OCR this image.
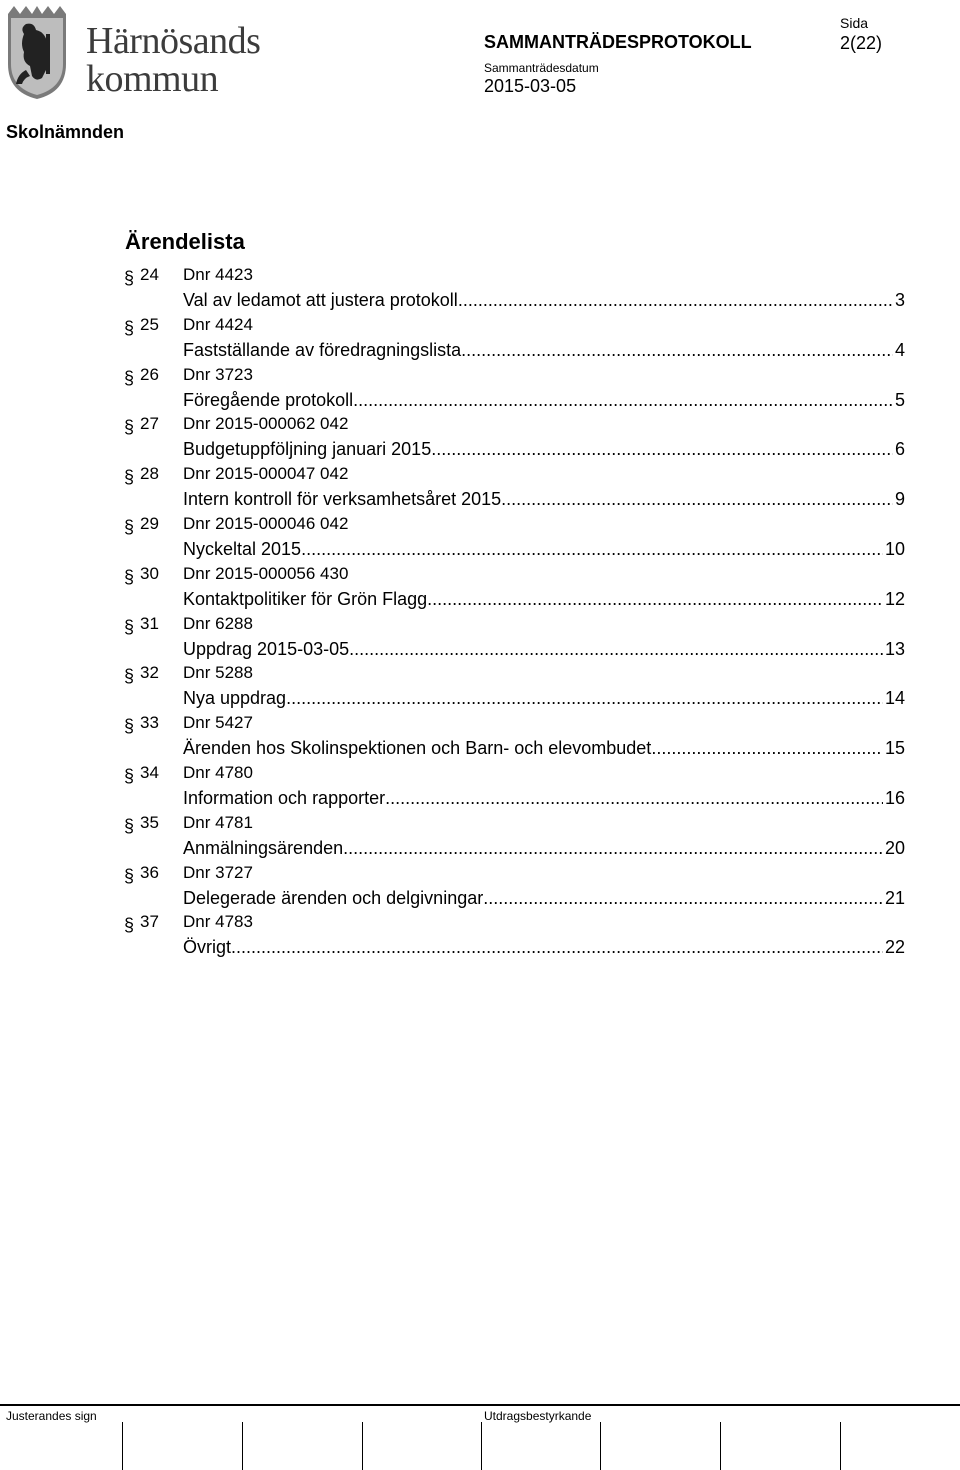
Härnösands
kommun
SAMMANTRÄDESPROTOKOLL
Sammanträdesdatum
2015-03-05
Sida
2(22)
Skolnämnden
Ärendelista
§ 24 Dnr 4423
Val av ledamot att justera protokoll .....	3
§ 25 Dnr 4424
Fastställande av föredragningslista .....	4
§ 26 Dnr 3723
Föregående protokoll .....	5
§ 27 Dnr 2015-000062 042
Budgetuppföljning januari 2015 .....	6
§ 28 Dnr 2015-000047 042
Intern kontroll för verksamhetsåret 2015 .....	9
§ 29 Dnr 2015-000046 042
Nyckeltal 2015 .....	10
§ 30 Dnr 2015-000056 430
Kontaktpolitiker för Grön Flagg .....	12
§ 31 Dnr 6288
Uppdrag 2015-03-05 .....	13
§ 32 Dnr 5288
Nya uppdrag .....	14
§ 33 Dnr 5427
Ärenden hos Skolinspektionen och Barn- och elevombudet .....	15
§ 34 Dnr 4780
Information och rapporter .....	16
§ 35 Dnr 4781
Anmälningsärenden .....	20
§ 36 Dnr 3727
Delegerade ärenden och delgivningar .....	21
§ 37 Dnr 4783
Övrigt .....	22
Justerandes sign	Utdragsbestyrkande
